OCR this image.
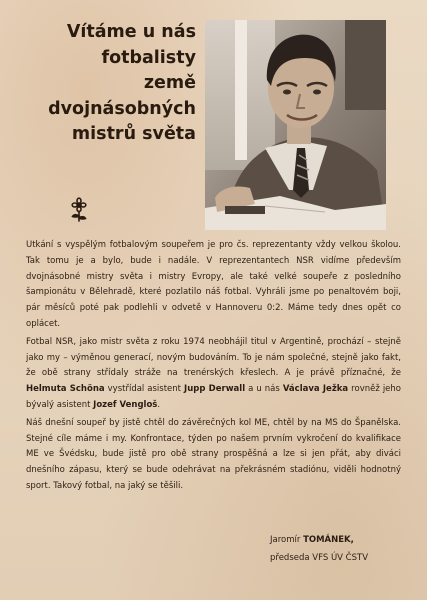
Vítáme u nás
fotbalisty
země
dvojnásobných
mistrů světa

Utkání s vyspělým fotbalovým soupeřem je pro čs. reprezentanty vždy velkou školou. Tak tomu je a bylo, bude i nadále. V reprezentantech NSR vidíme především dvojnásobné mistry světa i mistry Evropy, ale také velké soupeře z posledního šampionátu v Bělehradě, které pozlatilo náš fotbal. Vyhráli jsme po penaltovém boji, pár měsíců poté pak podlehli v odvetě v Hannoveru 0:2. Máme tedy dnes opět co oplácet.

Fotbal NSR, jako mistr světa z roku 1974 neobhájil titul v Argentině, prochází – stejně jako my – výměnou generací, novým budováním. To je nám společné, stejně jako fakt, že obě strany střídaly stráže na trenérských křeslech. A je právě příznačné, že Helmuta Schöna vystřídal asistent Jupp Derwall a u nás Václava Ježka rovněž jeho bývalý asistent Jozef Vengloš.

Náš dnešní soupeř by jistě chtěl do závěrečných kol ME, chtěl by na MS do Španělska. Stejné cíle máme i my. Konfrontace, týden po našem prvním vykročení do kvalifikace ME ve Švédsku, bude jistě pro obě strany prospěšná a lze si jen přát, aby diváci dnešního zápasu, který se bude odehrávat na překrásném stadiónu, viděli hodnotný sport. Takový fotbal, na jaký se těšili.

Jaromír TOMÁNEK,
předseda VFS ÚV ČSTV
